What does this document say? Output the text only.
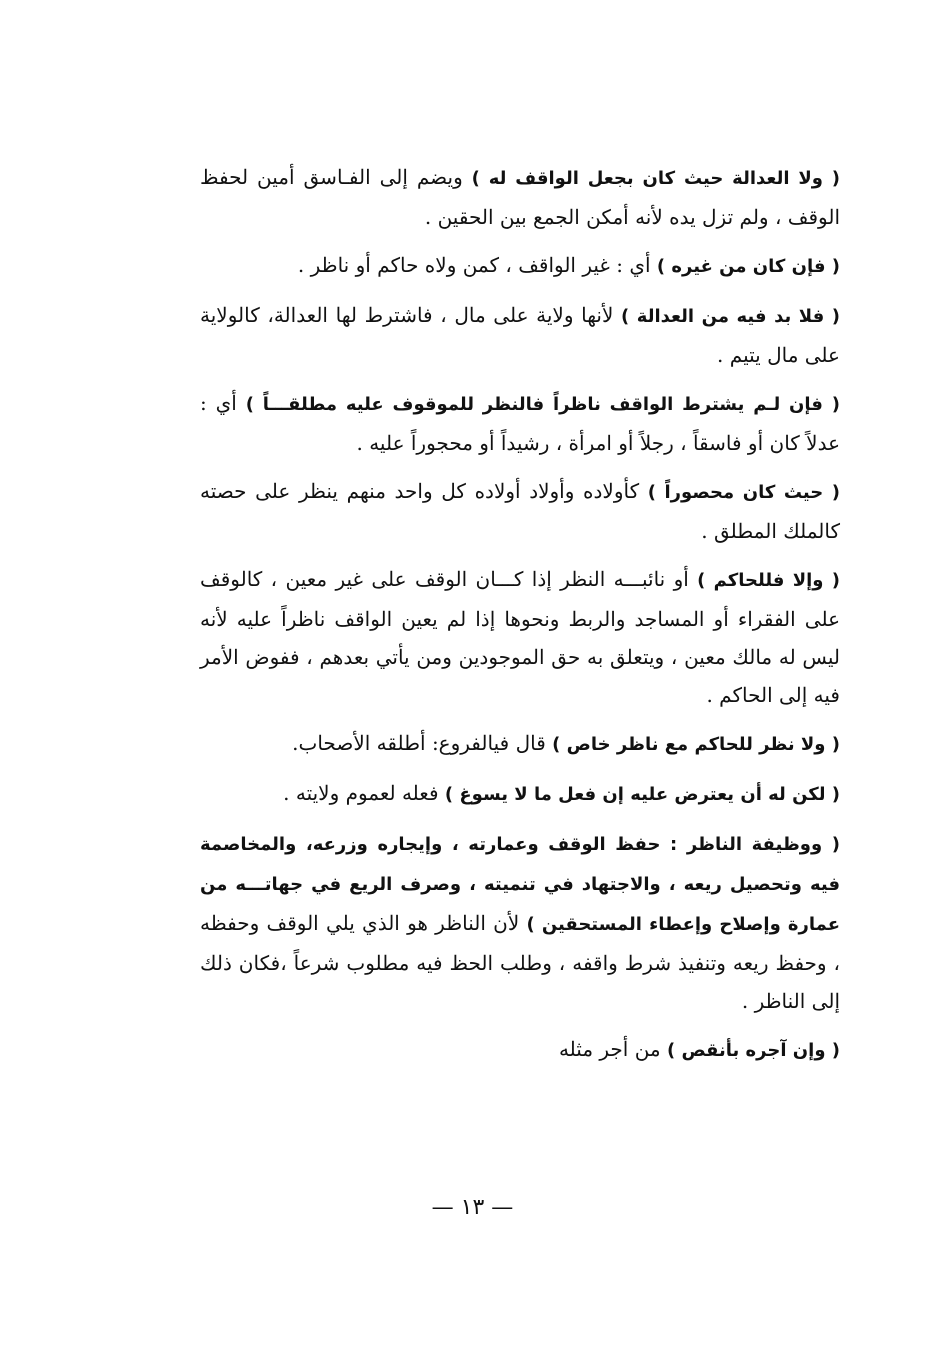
( ولا العدالة حيث كان بجعل الواقف له ) ويضم إلى الفـاسق أمين لحفظ الوقف ، ولم تزل يده لأنه أمكن الجمع بين الحقين .

( فإن كان من غيره ) أي : غير الواقف ، كمن ولاه حاكم أو ناظر .

( فلا بد فيه من العدالة ) لأنها ولاية على مال ، فاشترط لها العدالة، كالولاية على مال يتيم .

( فإن لـم يشترط الواقف ناظراً فالنظر للموقوف عليه مطلقـــاً ) أي : عدلاً كان أو فاسقاً ، رجلاً أو امرأة ، رشيداً أو محجوراً عليه .

( حيث كان محصوراً ) كأولاده وأولاد أولاده كل واحد منهم ينظر على حصته كالملك المطلق .

( وإلا فللحاكم ) أو نائبـــه النظر إذا كـــان الوقف على غير معين ، كالوقف على الفقراء أو المساجد والربط ونحوها إذا لم يعين الواقف ناظراً عليه لأنه ليس له مالك معين ، ويتعلق به حق الموجودين ومن يأتي بعدهم ، ففوض الأمر فيه إلى الحاكم .

( ولا نظر للحاكم مع ناظر خاص ) قال فيالفروع: أطلقه الأصحاب.

( لكن له أن يعترض عليه إن فعل ما لا يسوغ ) فعله لعموم ولايته .

( ووظيفة الناظر : حفظ الوقف وعمارته ، وإيجاره وزرعه، والمخاصمة فيه وتحصيل ريعه ، والاجتهاد في تنميته ، وصرف الريع في جهاتـــه من عمارة وإصلاح وإعطاء المستحقين ) لأن الناظر هو الذي يلي الوقف وحفظه ، وحفظ ريعه وتنفيذ شرط واقفه ، وطلب الحظ فيه مطلوب شرعاً ،فكان ذلك إلى الناظر .

( وإن آجره بأنقص ) من أجر مثله

— ١٣ —
